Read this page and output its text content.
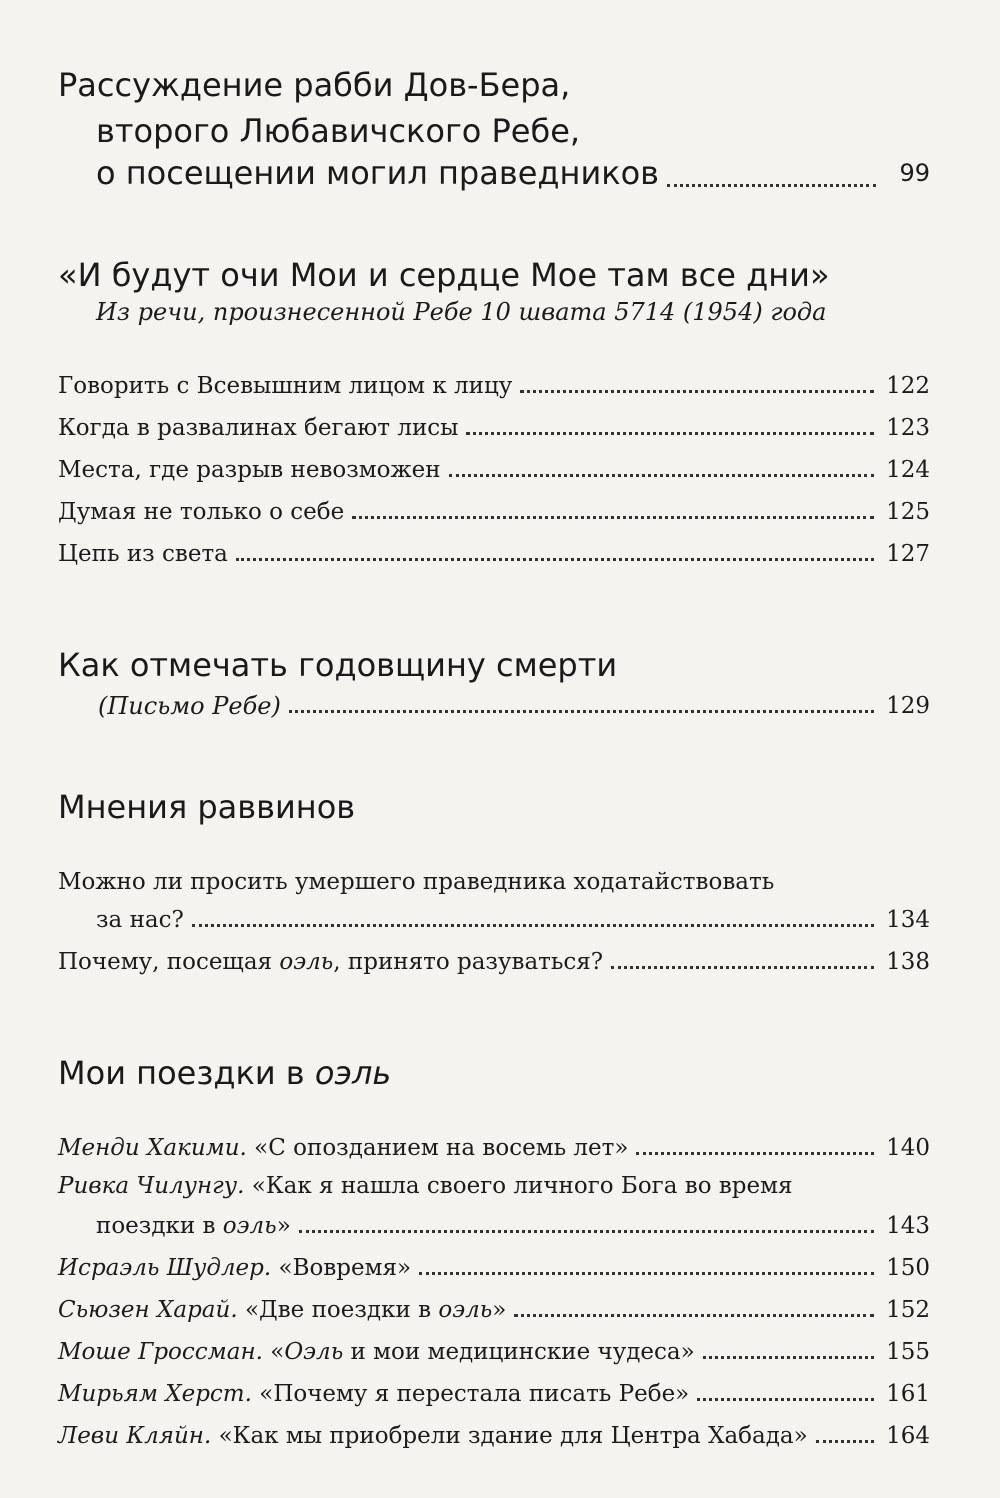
Рассуждение рабби Дов-Бера,
второго Любавичского Ребе,
о посещении могил праведников	99
«И будут очи Мои и сердце Мое там все дни»
Из речи, произнесенной Ребе 10 швата 5714 (1954) года
Говорить с Всевышним лицом к лицу	122
Когда в развалинах бегают лисы	123
Места, где разрыв невозможен	124
Думая не только о себе	125
Цепь из света	127
Как отмечать годовщину смерти
(Письмо Ребе)	129
Мнения раввинов
Можно ли просить умершего праведника ходатайствовать
за нас?	134
Почему, посещая оэль, принято разуваться?	138
Мои поездки в оэль
Менди Хакими. «С опозданием на восемь лет»	140
Ривка Чилунгу. «Как я нашла своего личного Бога во время
поездки в оэль»	143
Исраэль Шудлер. «Вовремя»	150
Сьюзен Харай. «Две поездки в оэль»	152
Моше Гроссман. «Оэль и мои медицинские чудеса»	155
Мирьям Херст. «Почему я перестала писать Ребе»	161
Леви Кляйн. «Как мы приобрели здание для Центра Хабада»	164
